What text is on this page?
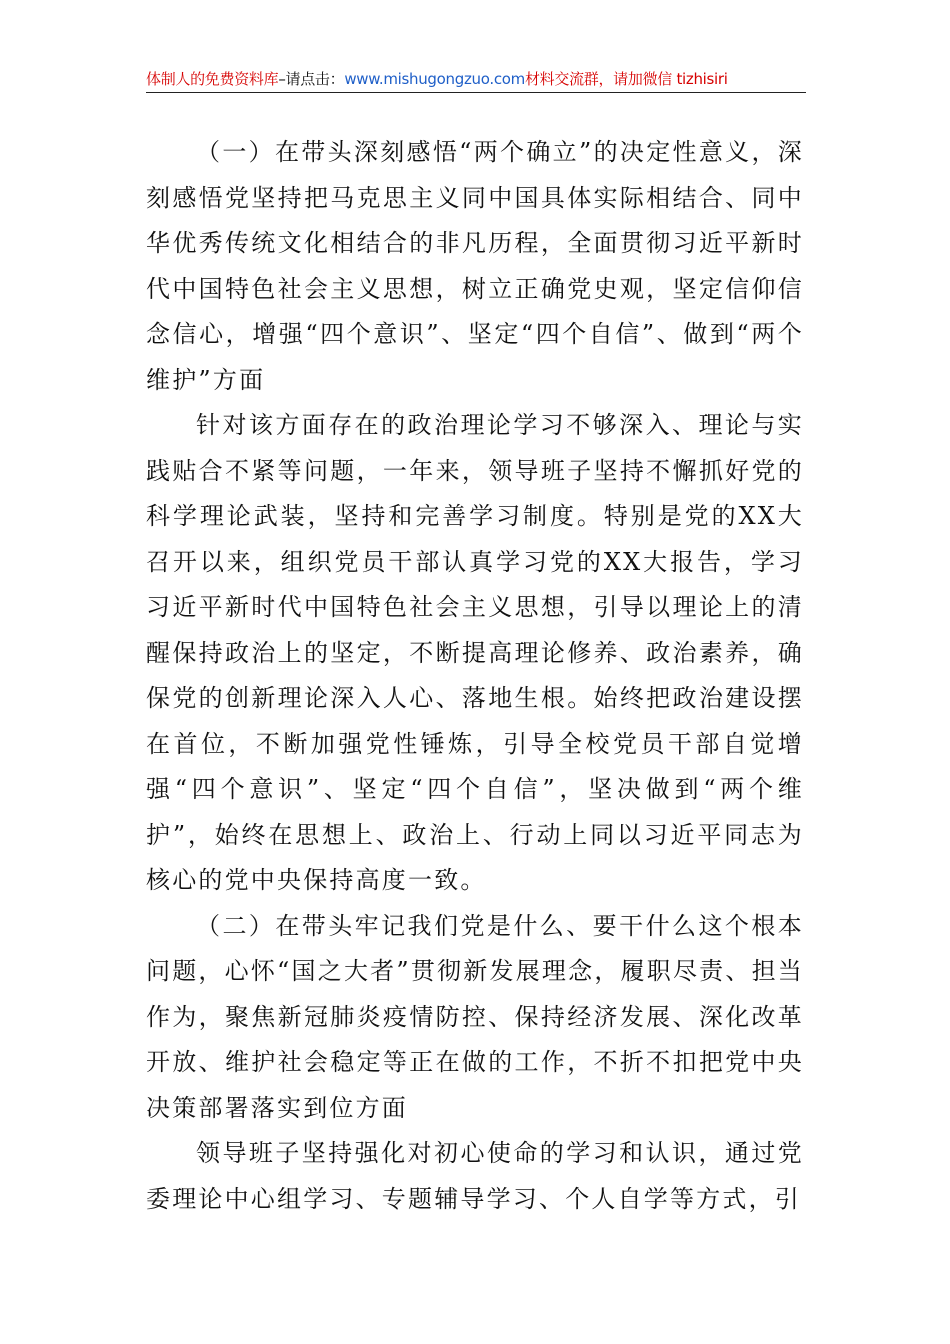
体制人的免费资料库–请点击：www.mishugongzuo.com材料交流群，请加微信 tizhisiri

（一）在带头深刻感悟“两个确立”的决定性意义，深刻感悟党坚持把马克思主义同中国具体实际相结合、同中华优秀传统文化相结合的非凡历程，全面贯彻习近平新时代中国特色社会主义思想，树立正确党史观，坚定信仰信念信心，增强“四个意识”、坚定“四个自信”、做到“两个维护”方面

针对该方面存在的政治理论学习不够深入、理论与实践贴合不紧等问题，一年来，领导班子坚持不懈抓好党的科学理论武装，坚持和完善学习制度。特别是党的XX大召开以来，组织党员干部认真学习党的XX大报告，学习习近平新时代中国特色社会主义思想，引导以理论上的清醒保持政治上的坚定，不断提高理论修养、政治素养，确保党的创新理论深入人心、落地生根。始终把政治建设摆在首位，不断加强党性锤炼，引导全校党员干部自觉增强“四个意识”、坚定“四个自信”，坚决做到“两个维护”，始终在思想上、政治上、行动上同以习近平同志为核心的党中央保持高度一致。

（二）在带头牢记我们党是什么、要干什么这个根本问题，心怀“国之大者”贯彻新发展理念，履职尽责、担当作为，聚焦新冠肺炎疫情防控、保持经济发展、深化改革开放、维护社会稳定等正在做的工作，不折不扣把党中央决策部署落实到位方面

领导班子坚持强化对初心使命的学习和认识，通过党委理论中心组学习、专题辅导学习、个人自学等方式，引
